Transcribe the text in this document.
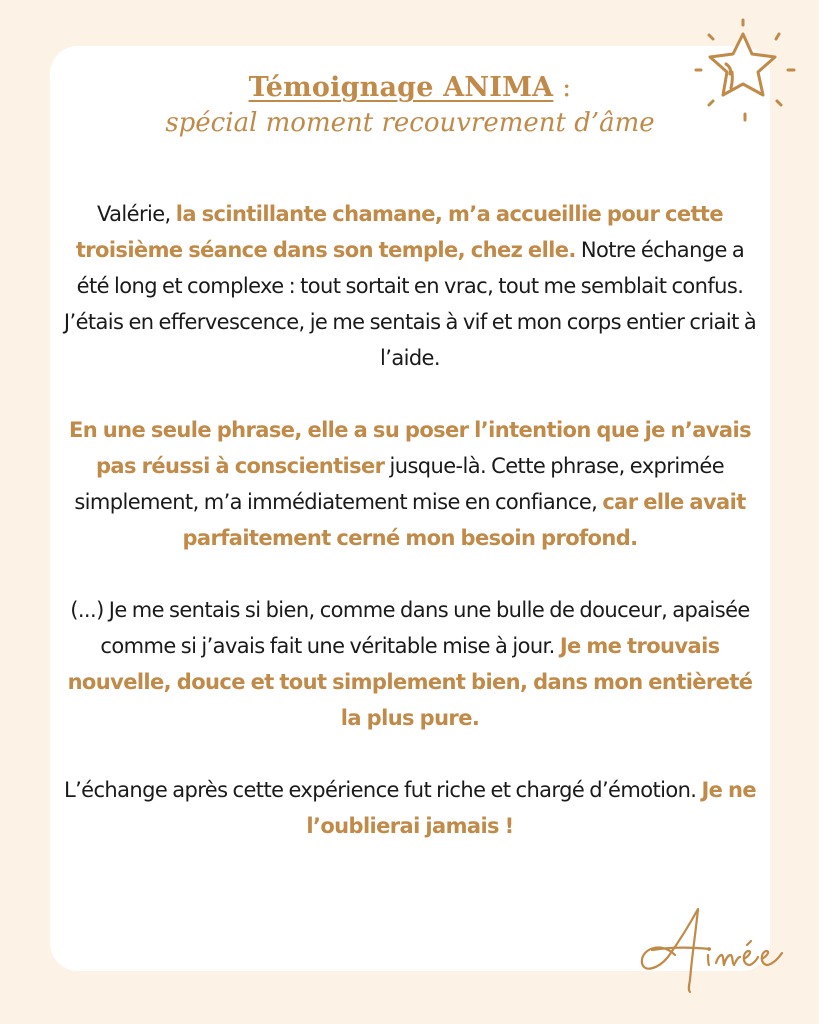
Témoignage ANIMA :
spécial moment recouvrement d’âme

Valérie, la scintillante chamane, m’a accueillie pour cette troisième séance dans son temple, chez elle. Notre échange a été long et complexe : tout sortait en vrac, tout me semblait confus. J’étais en effervescence, je me sentais à vif et mon corps entier criait à l’aide.

En une seule phrase, elle a su poser l’intention que je n’avais pas réussi à conscientiser jusque-là. Cette phrase, exprimée simplement, m’a immédiatement mise en confiance, car elle avait parfaitement cerné mon besoin profond.

(...) Je me sentais si bien, comme dans une bulle de douceur, apaisée comme si j’avais fait une véritable mise à jour. Je me trouvais nouvelle, douce et tout simplement bien, dans mon entièreté la plus pure.

L’échange après cette expérience fut riche et chargé d’émotion. Je ne l’oublierai jamais !
